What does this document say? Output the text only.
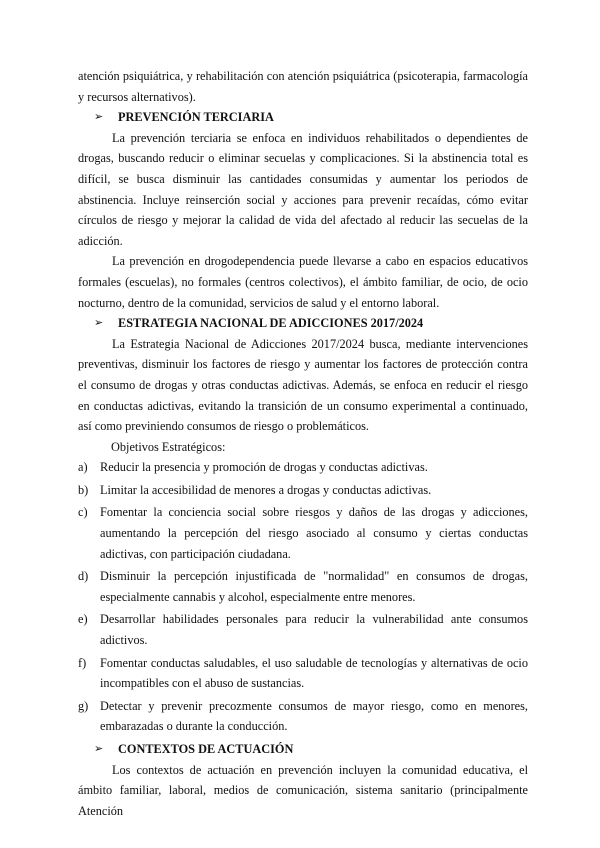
atención psiquiátrica, y rehabilitación con atención psiquiátrica (psicoterapia, farmacología y recursos alternativos).

➢	PREVENCIÓN TERCIARIA

La prevención terciaria se enfoca en individuos rehabilitados o dependientes de drogas, buscando reducir o eliminar secuelas y complicaciones. Si la abstinencia total es difícil, se busca disminuir las cantidades consumidas y aumentar los periodos de abstinencia. Incluye reinserción social y acciones para prevenir recaídas, cómo evitar círculos de riesgo y mejorar la calidad de vida del afectado al reducir las secuelas de la adicción.

La prevención en drogodependencia puede llevarse a cabo en espacios educativos formales (escuelas), no formales (centros colectivos), el ámbito familiar, de ocio, de ocio nocturno, dentro de la comunidad, servicios de salud y el entorno laboral.

➢	ESTRATEGIA NACIONAL DE ADICCIONES 2017/2024

La Estrategia Nacional de Adicciones 2017/2024 busca, mediante intervenciones preventivas, disminuir los factores de riesgo y aumentar los factores de protección contra el consumo de drogas y otras conductas adictivas. Además, se enfoca en reducir el riesgo en conductas adictivas, evitando la transición de un consumo experimental a continuado, así como previniendo consumos de riesgo o problemáticos.

Objetivos Estratégicos:

a) Reducir la presencia y promoción de drogas y conductas adictivas.
b) Limitar la accesibilidad de menores a drogas y conductas adictivas.
c) Fomentar la conciencia social sobre riesgos y daños de las drogas y adicciones, aumentando la percepción del riesgo asociado al consumo y ciertas conductas adictivas, con participación ciudadana.
d) Disminuir la percepción injustificada de "normalidad" en consumos de drogas, especialmente cannabis y alcohol, especialmente entre menores.
e) Desarrollar habilidades personales para reducir la vulnerabilidad ante consumos adictivos.
f) Fomentar conductas saludables, el uso saludable de tecnologías y alternativas de ocio incompatibles con el abuso de sustancias.
g) Detectar y prevenir precozmente consumos de mayor riesgo, como en menores, embarazadas o durante la conducción.
➢	CONTEXTOS DE ACTUACIÓN

Los contextos de actuación en prevención incluyen la comunidad educativa, el ámbito familiar, laboral, medios de comunicación, sistema sanitario (principalmente Atención
